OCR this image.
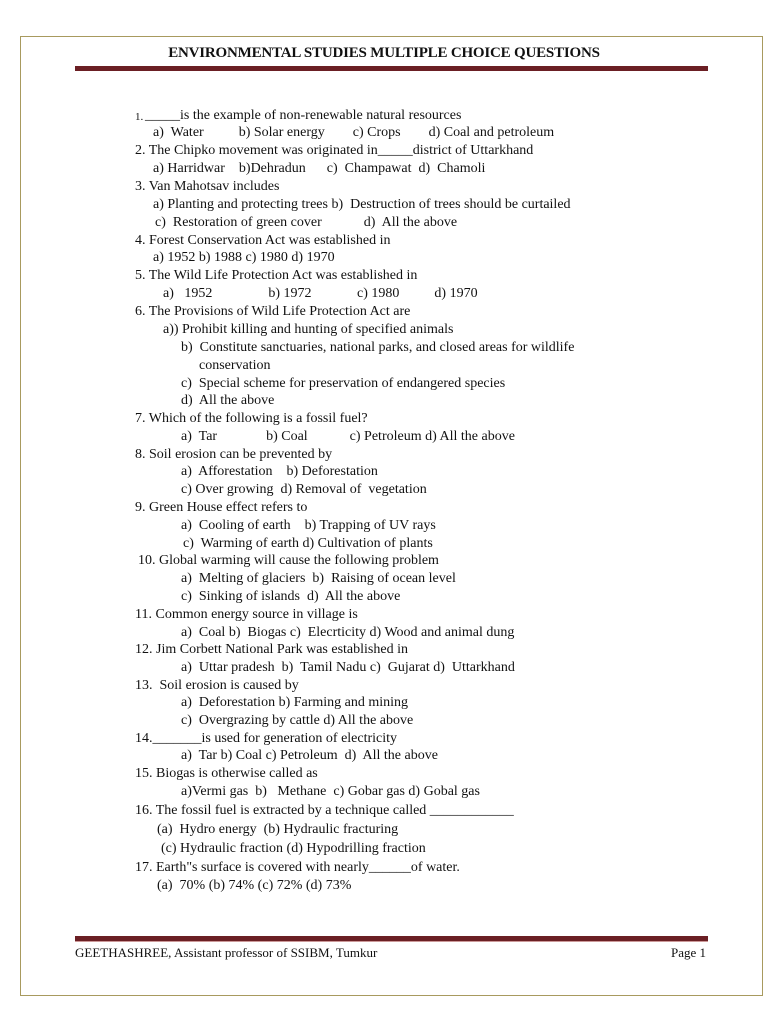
ENVIRONMENTAL STUDIES MULTIPLE CHOICE QUESTIONS
1. _____is the example of non-renewable natural resources
a)  Water          b) Solar energy        c) Crops        d) Coal and petroleum
2. The Chipko movement was originated in_____district of Uttarkhand
a) Harridwar    b)Dehradun      c)  Champawat  d)  Chamoli
3. Van Mahotsav includes
a) Planting and protecting trees b)  Destruction of trees should be curtailed
c)  Restoration of green cover            d)  All the above
4. Forest Conservation Act was established in
a) 1952 b) 1988 c) 1980 d) 1970
5. The Wild Life Protection Act was established in
a)   1952                b) 1972             c) 1980          d) 1970
6. The Provisions of Wild Life Protection Act are
a)) Prohibit killing and hunting of specified animals
b)  Constitute sanctuaries, national parks, and closed areas for wildlife
conservation
c)  Special scheme for preservation of endangered species
d)  All the above
7. Which of the following is a fossil fuel?
a)  Tar              b) Coal            c) Petroleum d) All the above
8. Soil erosion can be prevented by
a)  Afforestation    b) Deforestation
c) Over growing  d) Removal of  vegetation
9. Green House effect refers to
a)  Cooling of earth    b) Trapping of UV rays
c)  Warming of earth d) Cultivation of plants
10. Global warming will cause the following problem
a)  Melting of glaciers  b)  Raising of ocean level
c)  Sinking of islands  d)  All the above
11. Common energy source in village is
a)  Coal b)  Biogas c)  Elecrticity d) Wood and animal dung
12. Jim Corbett National Park was established in
a)  Uttar pradesh  b)  Tamil Nadu c)  Gujarat d)  Uttarkhand
13.  Soil erosion is caused by
a)  Deforestation b) Farming and mining
c)  Overgrazing by cattle d) All the above
14._______is used for generation of electricity
a)  Tar b) Coal c) Petroleum  d)  All the above
15. Biogas is otherwise called as
a)Vermi gas  b)   Methane  c) Gobar gas d) Gobal gas
16. The fossil fuel is extracted by a technique called ____________
(a)  Hydro energy  (b) Hydraulic fracturing
(c) Hydraulic fraction (d) Hypodrilling fraction
17. Earth"s surface is covered with nearly______of water.
(a)  70% (b) 74% (c) 72% (d) 73%
GEETHASHREE, Assistant professor of SSIBM, Tumkur	Page 1
